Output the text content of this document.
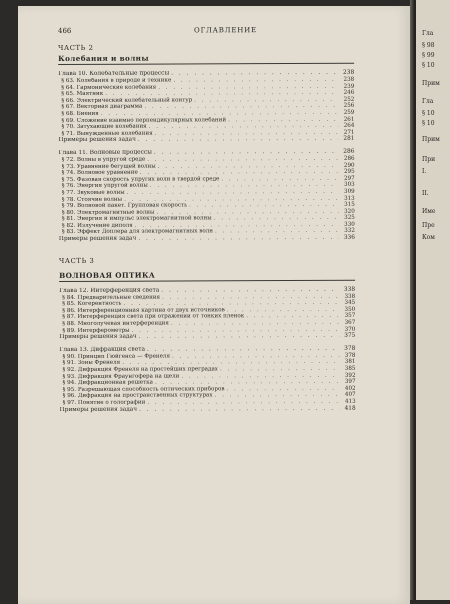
Гла
§ 98
§ 99
§ 10
Прим
Гла
§ 10
§ 10
Прим
При
I.
II.
Име
Пре
Ком
466	ОГЛАВЛЕНИЕ
ЧАСТЬ 2
Колебания и волны
Глава 10. Колебательные процессы . . .	238
§ 63. Колебания в природе и технике . . .	238
§ 64. Гармонические колебания . . .	239
§ 65. Маятник . . .	246
§ 66. Электрический колебательный контур . . .	252
§ 67. Векторная диаграмма . . .	256
§ 68. Биения . . .	259
§ 69. Сложение взаимно перпендикулярных колебаний . . .	261
§ 70. Затухающие колебания . . .	264
§ 71. Вынужденные колебания . . .	271
Примеры решения задач . . .	281
Глава 11. Волновые процессы . . .	286
§ 72. Волны в упругой среде . . .	286
§ 73. Уравнение бегущей волны . . .	290
§ 74. Волновое уравнение . . .	295
§ 75. Фазовая скорость упругих волн в твердой среде . . .	297
§ 76. Энергия упругой волны . . .	303
§ 77. Звуковые волны . . .	309
§ 78. Стоячие волны . . .	313
§ 79. Волновой пакет. Групповая скорость . . .	315
§ 80. Электромагнитные волны . . .	320
§ 81. Энергия и импульс электромагнитной волны . . .	325
§ 82. Излучение диполя . . .	330
§ 83. Эффект Доплера для электромагнитных волн . . .	332
Примеры решения задач . . .	336
ЧАСТЬ 3
ВОЛНОВАЯ ОПТИКА
Глава 12. Интерференция света . . .	338
§ 84. Предварительные сведения . . .	338
§ 85. Когерентность . . .	345
§ 86. Интерференционная картина от двух источников . . .	350
§ 87. Интерференция света при отражении от тонких пленок . . .	357
§ 88. Многолучевая интерференция . . .	367
§ 89. Интерферометры . . .	370
Примеры решения задач . . .	375
Глава 13. Дифракция света . . .	378
§ 90. Принцип Гюйгенса — Френеля . . .	378
§ 91. Зоны Френеля . . .	381
§ 92. Дифракция Френеля на простейших преградах . . .	385
§ 93. Дифракция Фраунгофера на щели . . .	392
§ 94. Дифракционная решетка . . .	397
§ 95. Разрешающая способность оптических приборов . . .	402
§ 96. Дифракция на пространственных структурах . . .	407
§ 97. Понятие о голографии . . .	413
Примеры решения задач . . .	418
